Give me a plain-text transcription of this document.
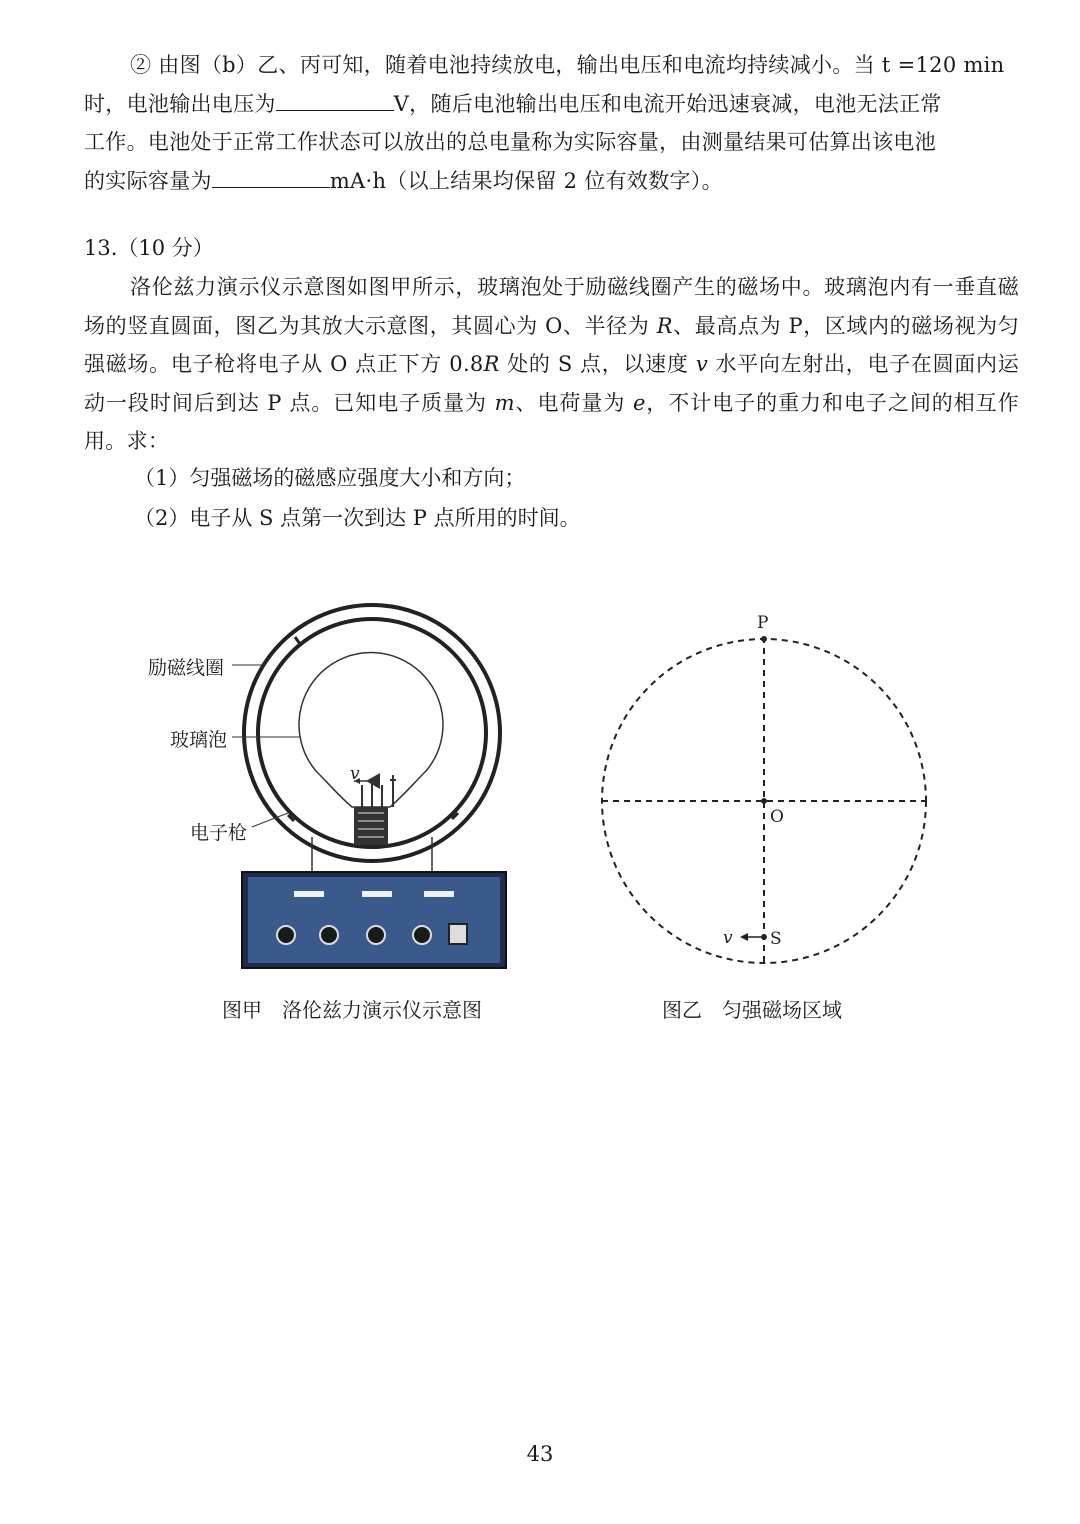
② 由图（b）乙、丙可知，随着电池持续放电，输出电压和电流均持续减小。当 t =120 min
时，电池输出电压为	V，随后电池输出电压和电流开始迅速衰减，电池无法正常
工作。电池处于正常工作状态可以放出的总电量称为实际容量，由测量结果可估算出该电池
的实际容量为	mA·h（以上结果均保留 2 位有效数字）。
13.（10 分）
洛伦兹力演示仪示意图如图甲所示，玻璃泡处于励磁线圈产生的磁场中。玻璃泡内有一垂直磁场的竖直圆面，图乙为其放大示意图，其圆心为 O、半径为 R、最高点为 P，区域内的磁场视为匀强磁场。电子枪将电子从 O 点正下方 0.8R 处的 S 点，以速度 v 水平向左射出，电子在圆面内运动一段时间后到达 P 点。已知电子质量为 m、电荷量为 e，不计电子的重力和电子之间的相互作用。求：
（1）匀强磁场的磁感应强度大小和方向；
（2）电子从 S 点第一次到达 P 点所用的时间。
v
励磁线圈
玻璃泡
电子枪
图甲　洛伦兹力演示仪示意图
P
O
S
v
图乙　匀强磁场区域
43
